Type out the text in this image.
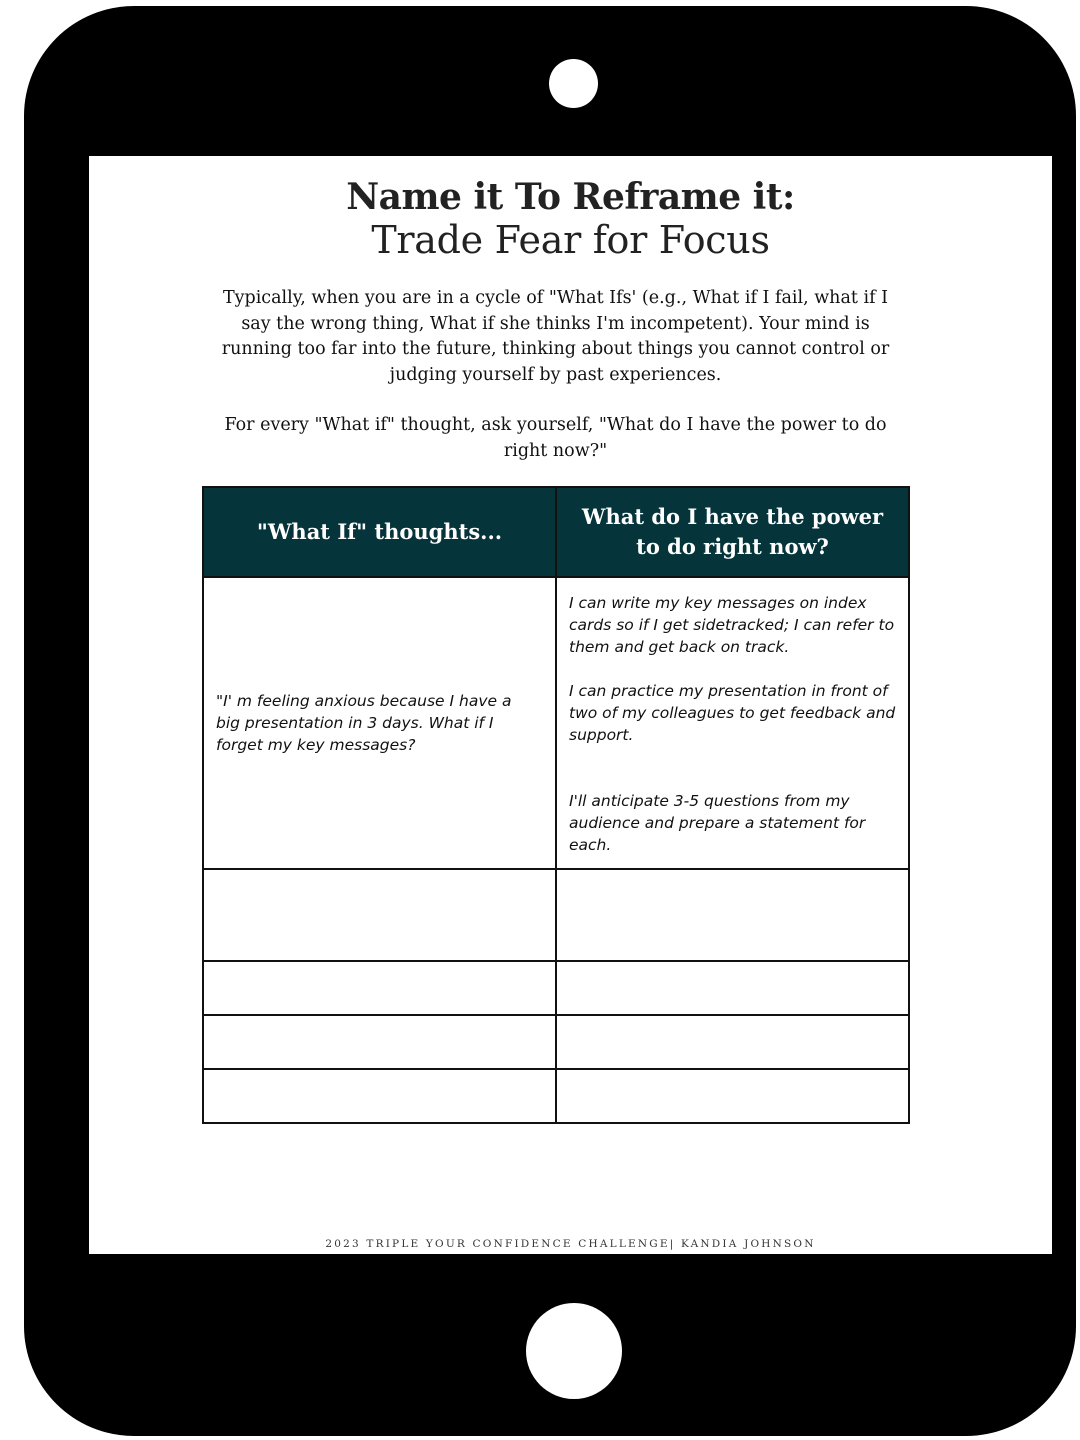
Name it To Reframe it:
Trade Fear for Focus

Typically, when you are in a cycle of "What Ifs' (e.g., What if I fail, what if I say the wrong thing, What if she thinks I'm incompetent). Your mind is running too far into the future, thinking about things you cannot control or judging yourself by past experiences.

For every "What if" thought, ask yourself, "What do I have the power to do right now?"

"What If" thoughts...	What do I have the power to do right now?
"I' m feeling anxious because I have a big presentation in 3 days. What if I forget my key messages?	I can write my key messages on index cards so if I get sidetracked; I can refer to them and get back on track.
I can practice my presentation in front of two of my colleagues to get feedback and support.
I'll anticipate 3-5 questions from my audience and prepare a statement for each.

2023 TRIPLE YOUR CONFIDENCE CHALLENGE| KANDIA JOHNSON
